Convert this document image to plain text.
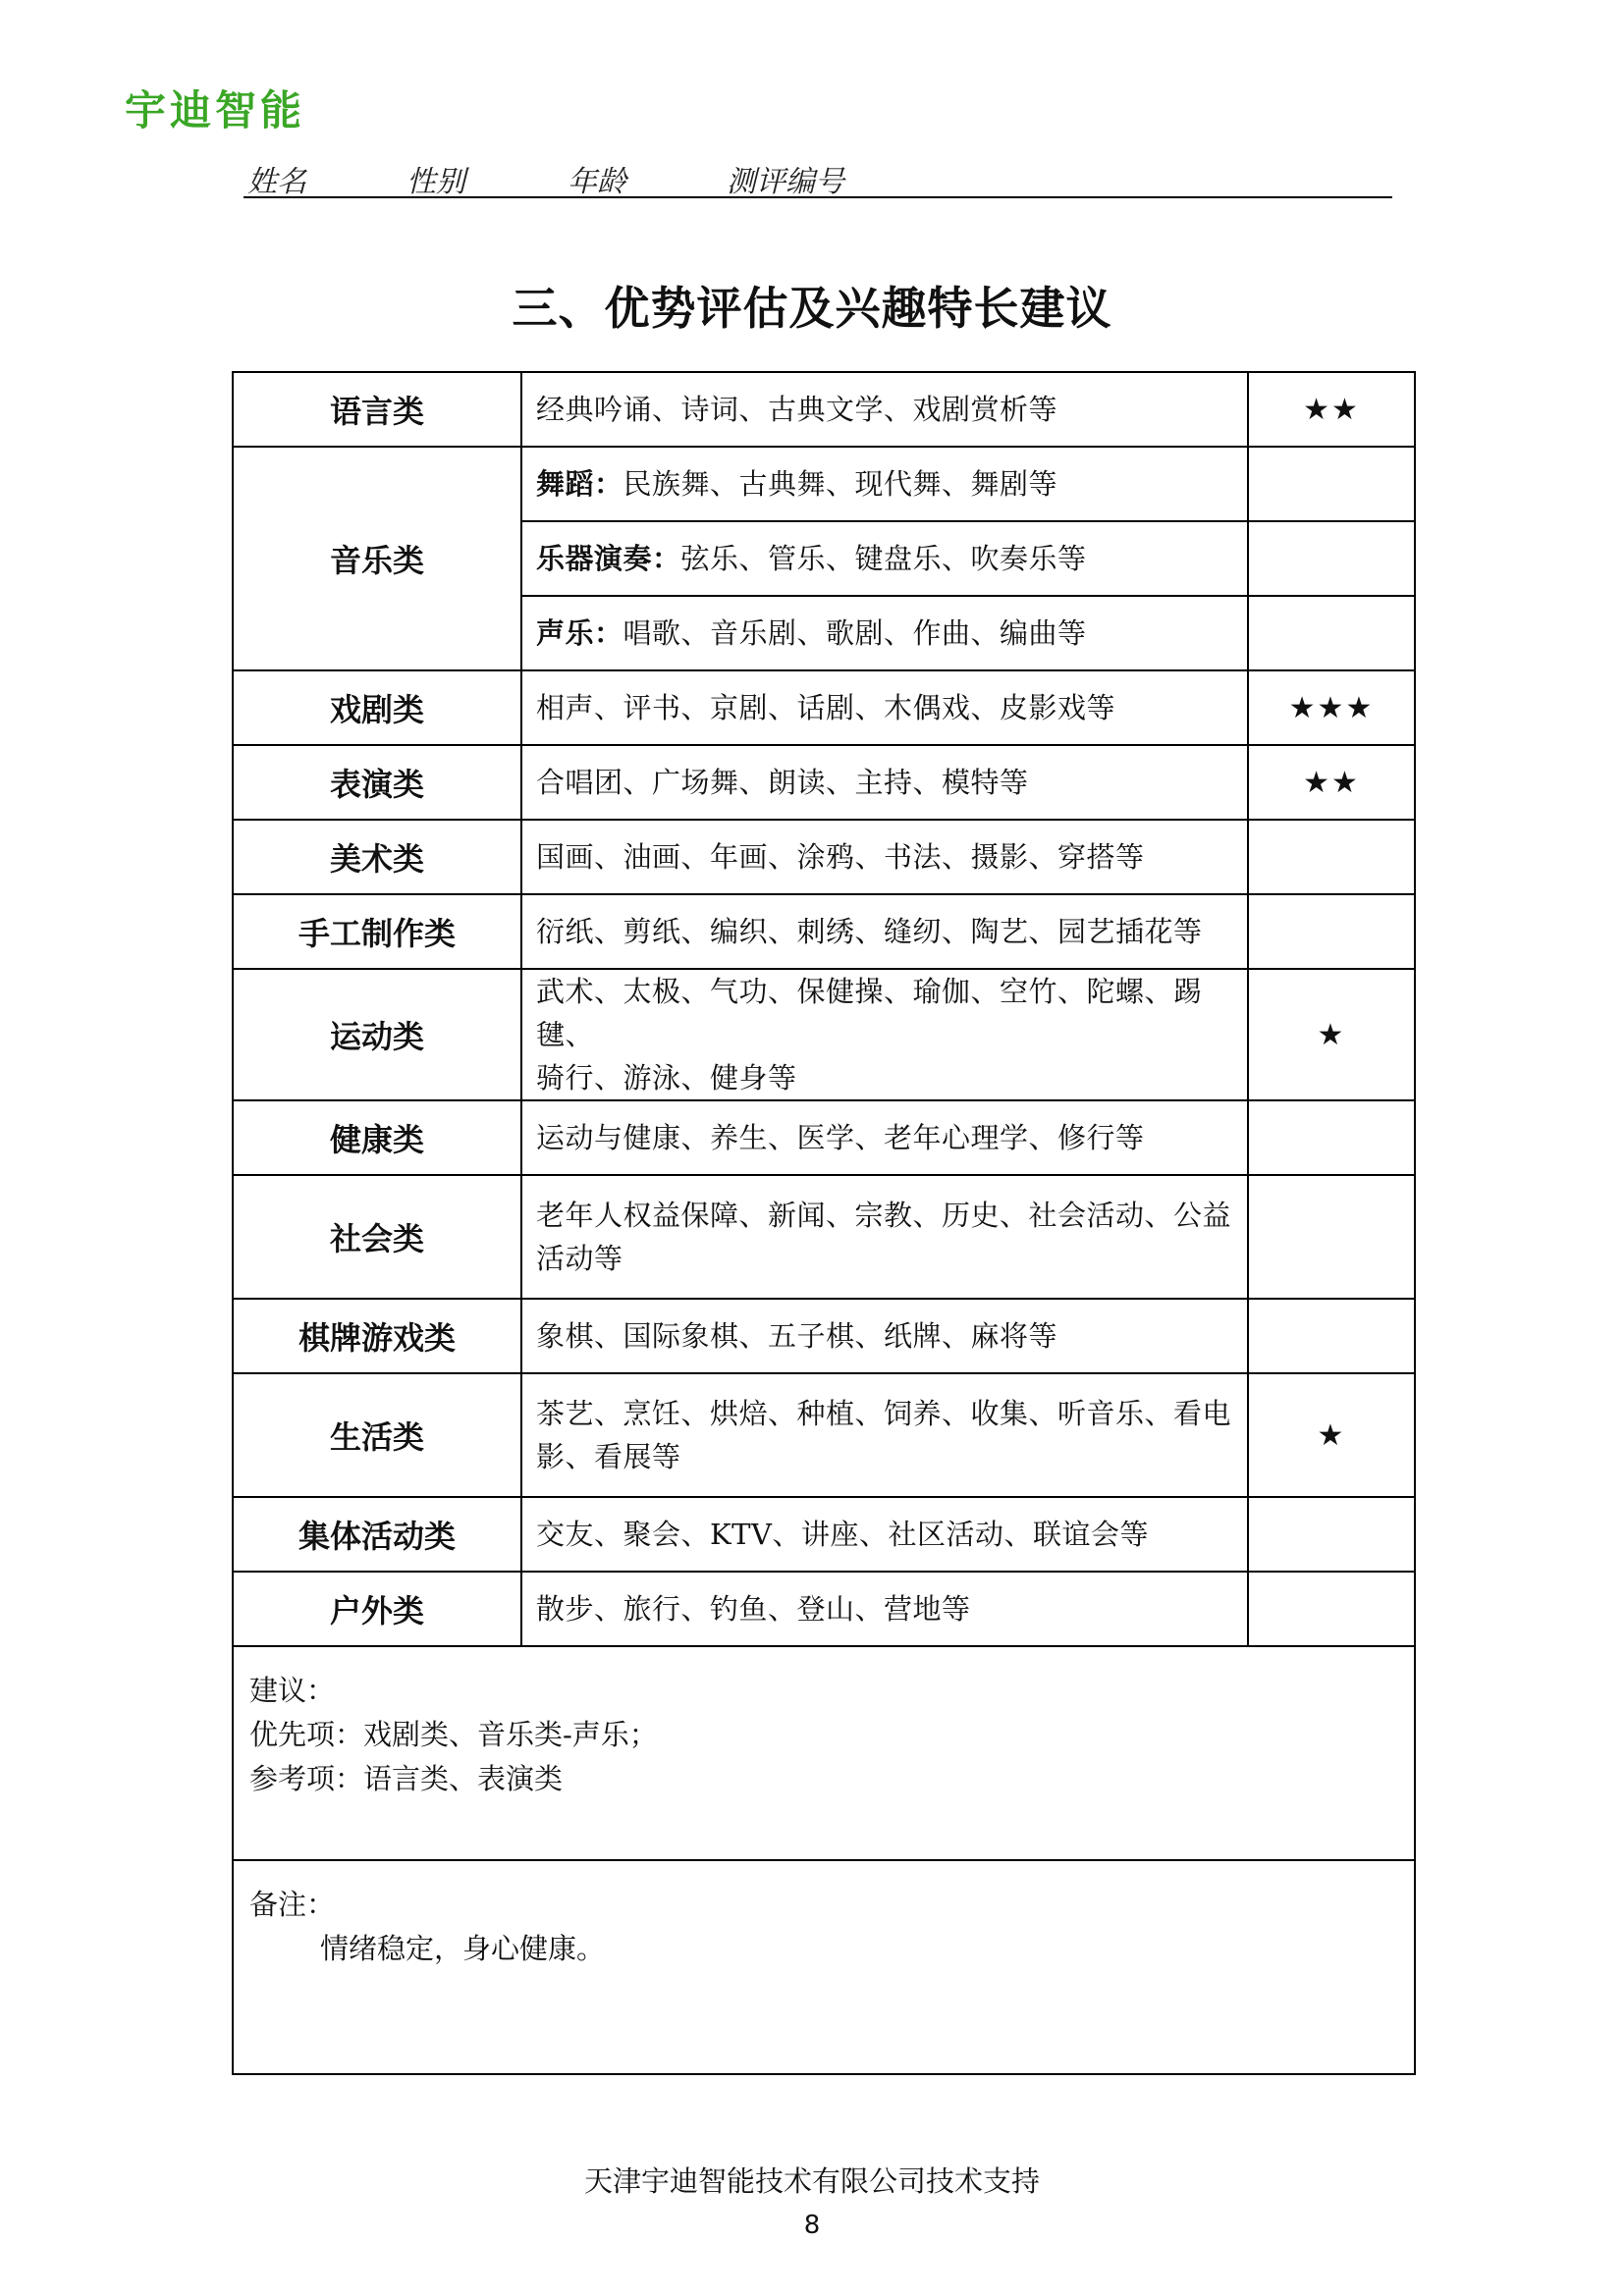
宇迪智能
姓名	性别	年龄	测评编号
三、优势评估及兴趣特长建议
语言类	经典吟诵、诗词、古典文学、戏剧赏析等	★★
音乐类	舞蹈：民族舞、古典舞、现代舞、舞剧等	
	乐器演奏：弦乐、管乐、键盘乐、吹奏乐等	
	声乐：唱歌、音乐剧、歌剧、作曲、编曲等	
戏剧类	相声、评书、京剧、话剧、木偶戏、皮影戏等	★★★
表演类	合唱团、广场舞、朗读、主持、模特等	★★
美术类	国画、油画、年画、涂鸦、书法、摄影、穿搭等	
手工制作类	衍纸、剪纸、编织、刺绣、缝纫、陶艺、园艺插花等	
运动类	武术、太极、气功、保健操、瑜伽、空竹、陀螺、踢毽、
骑行、游泳、健身等	★
健康类	运动与健康、养生、医学、老年心理学、修行等	
社会类	老年人权益保障、新闻、宗教、历史、社会活动、公益
活动等	

棋牌游戏类	象棋、国际象棋、五子棋、纸牌、麻将等	
生活类	茶艺、烹饪、烘焙、种植、饲养、收集、听音乐、看电
影、看展等	★
集体活动类	交友、聚会、KTV、讲座、社区活动、联谊会等	
户外类	散步、旅行、钓鱼、登山、营地等	

建议：
优先项：戏剧类、音乐类-声乐；
参考项：语言类、表演类		

备注：
情绪稳定，身心健康。		
天津宇迪智能技术有限公司技术支持
8
